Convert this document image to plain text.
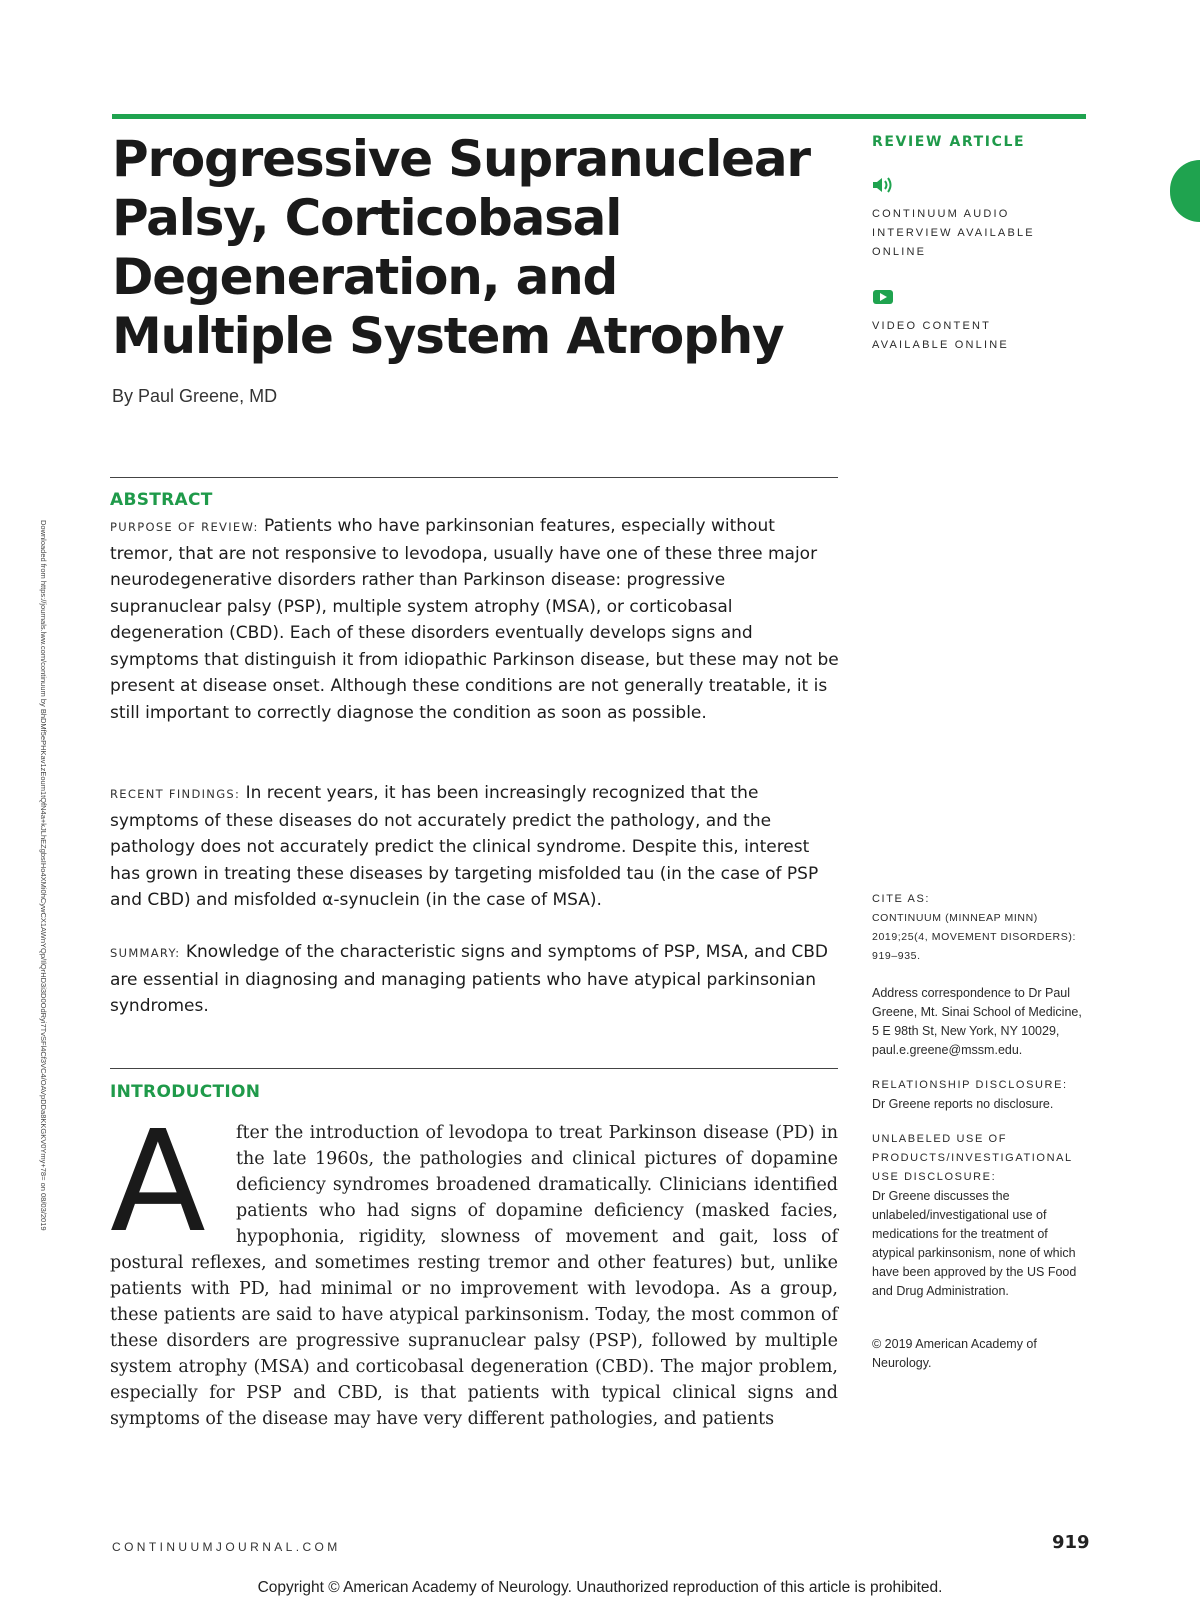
Progressive Supranuclear Palsy, Corticobasal Degeneration, and Multiple System Atrophy
By Paul Greene, MD
REVIEW ARTICLE
CONTINUUM AUDIO INTERVIEW AVAILABLE ONLINE
VIDEO CONTENT AVAILABLE ONLINE
ABSTRACT

PURPOSE OF REVIEW: Patients who have parkinsonian features, especially without tremor, that are not responsive to levodopa, usually have one of these three major neurodegenerative disorders rather than Parkinson disease: progressive supranuclear palsy (PSP), multiple system atrophy (MSA), or corticobasal degeneration (CBD). Each of these disorders eventually develops signs and symptoms that distinguish it from idiopathic Parkinson disease, but these may not be present at disease onset. Although these conditions are not generally treatable, it is still important to correctly diagnose the condition as soon as possible.

RECENT FINDINGS: In recent years, it has been increasingly recognized that the symptoms of these diseases do not accurately predict the pathology, and the pathology does not accurately predict the clinical syndrome. Despite this, interest has grown in treating these diseases by targeting misfolded tau (in the case of PSP and CBD) and misfolded α-synuclein (in the case of MSA).

SUMMARY: Knowledge of the characteristic signs and symptoms of PSP, MSA, and CBD are essential in diagnosing and managing patients who have atypical parkinsonian syndromes.

CITE AS:
CONTINUUM (MINNEAP MINN) 2019;25(4, MOVEMENT DISORDERS): 919–935.
Address correspondence to Dr Paul Greene, Mt. Sinai School of Medicine, 5 E 98th St, New York, NY 10029, paul.e.greene@mssm.edu.
RELATIONSHIP DISCLOSURE:
Dr Greene reports no disclosure.
UNLABELED USE OF PRODUCTS/INVESTIGATIONAL USE DISCLOSURE:
Dr Greene discusses the unlabeled/investigational use of medications for the treatment of atypical parkinsonism, none of which have been approved by the US Food and Drug Administration.
© 2019 American Academy of Neurology.
INTRODUCTION
A	fter the introduction of levodopa to treat Parkinson disease (PD) in the late 1960s, the pathologies and clinical pictures of dopamine deficiency syndromes broadened dramatically. Clinicians identified patients who had signs of dopamine deficiency (masked facies, hypophonia, rigidity, slowness of movement and gait, loss of postural reflexes, and sometimes resting tremor and other features) but, unlike patients with PD, had minimal or no improvement with levodopa. As a group, these patients are said to have atypical parkinsonism. Today, the most common of these disorders are progressive supranuclear palsy (PSP), followed by multiple system atrophy (MSA) and corticobasal degeneration (CBD). The major problem, especially for PSP and CBD, is that patients with typical clinical signs and symptoms of the disease may have very different pathologies, and patients
CONTINUUMJOURNAL.COM	919
Copyright © American Academy of Neurology. Unauthorized reproduction of this article is prohibited.
Downloaded from https://journals.lww.com/continuum by BhDMf5ePHKav1zEoum1tQfN4a+kJLhEZgbsIHo4XMi0hCywCX1AWnYQp/IlQrHD3i3D0OdRyi7TvSFl4Cf3VC4/OAVpDDa8KKGKV0Ymy+78= on 08/03/2019
